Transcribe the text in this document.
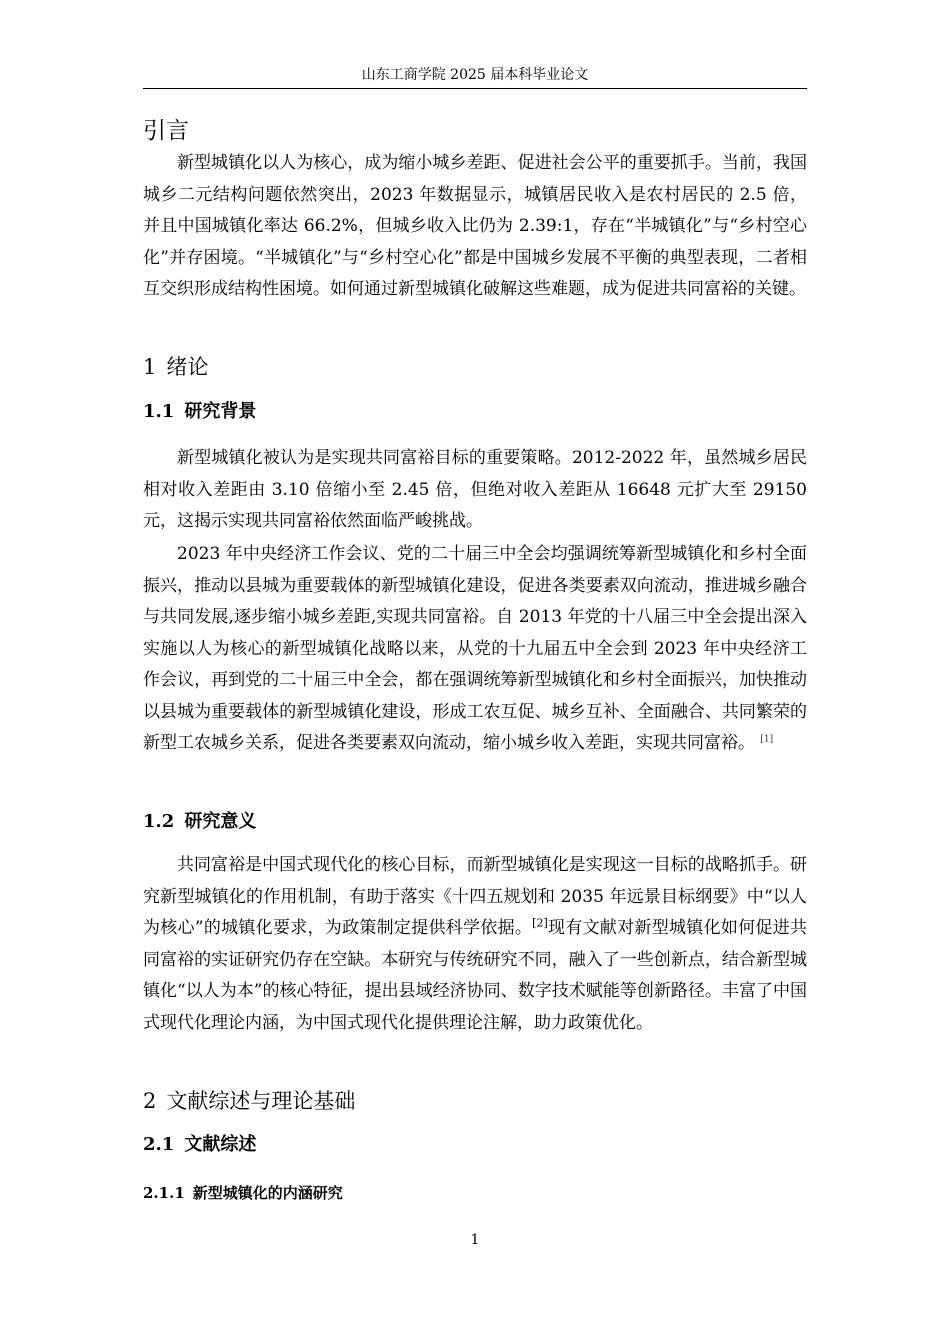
山东工商学院 2025 届本科毕业论文
引言

新型城镇化以人为核心，成为缩小城乡差距、促进社会公平的重要抓手。当前，我国城乡二元结构问题依然突出，2023 年数据显示，城镇居民收入是农村居民的 2.5 倍，并且中国城镇化率达 66.2%，但城乡收入比仍为 2.39:1，存在“半城镇化”与“乡村空心化”并存困境。“半城镇化”与“乡村空心化”都是中国城乡发展不平衡的典型表现，二者相互交织形成结构性困境。如何通过新型城镇化破解这些难题，成为促进共同富裕的关键。

1 绪论
1.1 研究背景

新型城镇化被认为是实现共同富裕目标的重要策略。2012-2022 年，虽然城乡居民相对收入差距由 3.10 倍缩小至 2.45 倍，但绝对收入差距从 16648 元扩大至 29150 元，这揭示实现共同富裕依然面临严峻挑战。

2023 年中央经济工作会议、党的二十届三中全会均强调统筹新型城镇化和乡村全面振兴，推动以县城为重要载体的新型城镇化建设，促进各类要素双向流动，推进城乡融合与共同发展,逐步缩小城乡差距,实现共同富裕。自 2013 年党的十八届三中全会提出深入实施以人为核心的新型城镇化战略以来，从党的十九届五中全会到 2023 年中央经济工作会议，再到党的二十届三中全会，都在强调统筹新型城镇化和乡村全面振兴，加快推动以县城为重要载体的新型城镇化建设，形成工农互促、城乡互补、全面融合、共同繁荣的新型工农城乡关系，促进各类要素双向流动，缩小城乡收入差距，实现共同富裕。 [1]

1.2 研究意义

共同富裕是中国式现代化的核心目标，而新型城镇化是实现这一目标的战略抓手。研究新型城镇化的作用机制，有助于落实《十四五规划和 2035 年远景目标纲要》中“以人为核心”的城镇化要求，为政策制定提供科学依据。[2]现有文献对新型城镇化如何促进共同富裕的实证研究仍存在空缺。本研究与传统研究不同，融入了一些创新点，结合新型城镇化“以人为本”的核心特征，提出县域经济协同、数字技术赋能等创新路径。丰富了中国式现代化理论内涵，为中国式现代化提供理论注解，助力政策优化。

2 文献综述与理论基础
2.1 文献综述
2.1.1 新型城镇化的内涵研究
1
